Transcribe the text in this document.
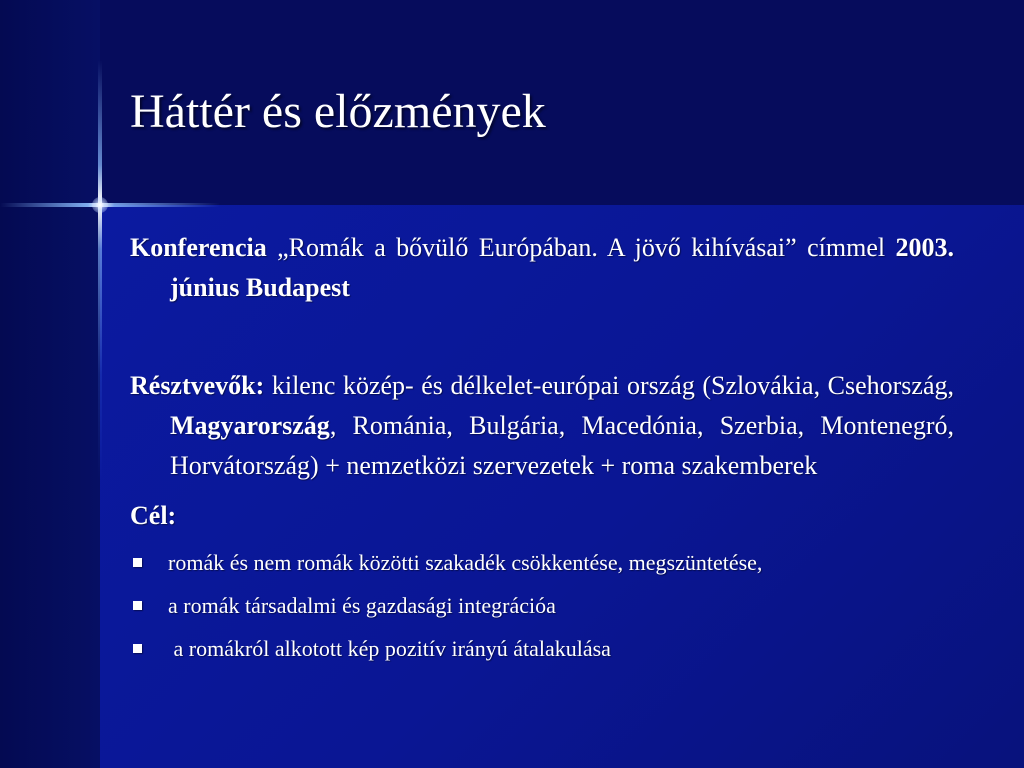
Háttér és előzmények

Konferencia „Romák a bővülő Európában. A jövő kihívásai” címmel 2003. június Budapest

Résztvevők: kilenc közép- és délkelet-európai ország (Szlovákia, Csehország, Magyarország, Románia, Bulgária, Macedónia, Szerbia, Montenegró, Horvátország) + nemzetközi szervezetek + roma szakemberek

Cél:

romák és nem romák közötti szakadék csökkentése, megszüntetése,
a romák társadalmi és gazdasági integrációa
a romákról alkotott kép pozitív irányú átalakulása
